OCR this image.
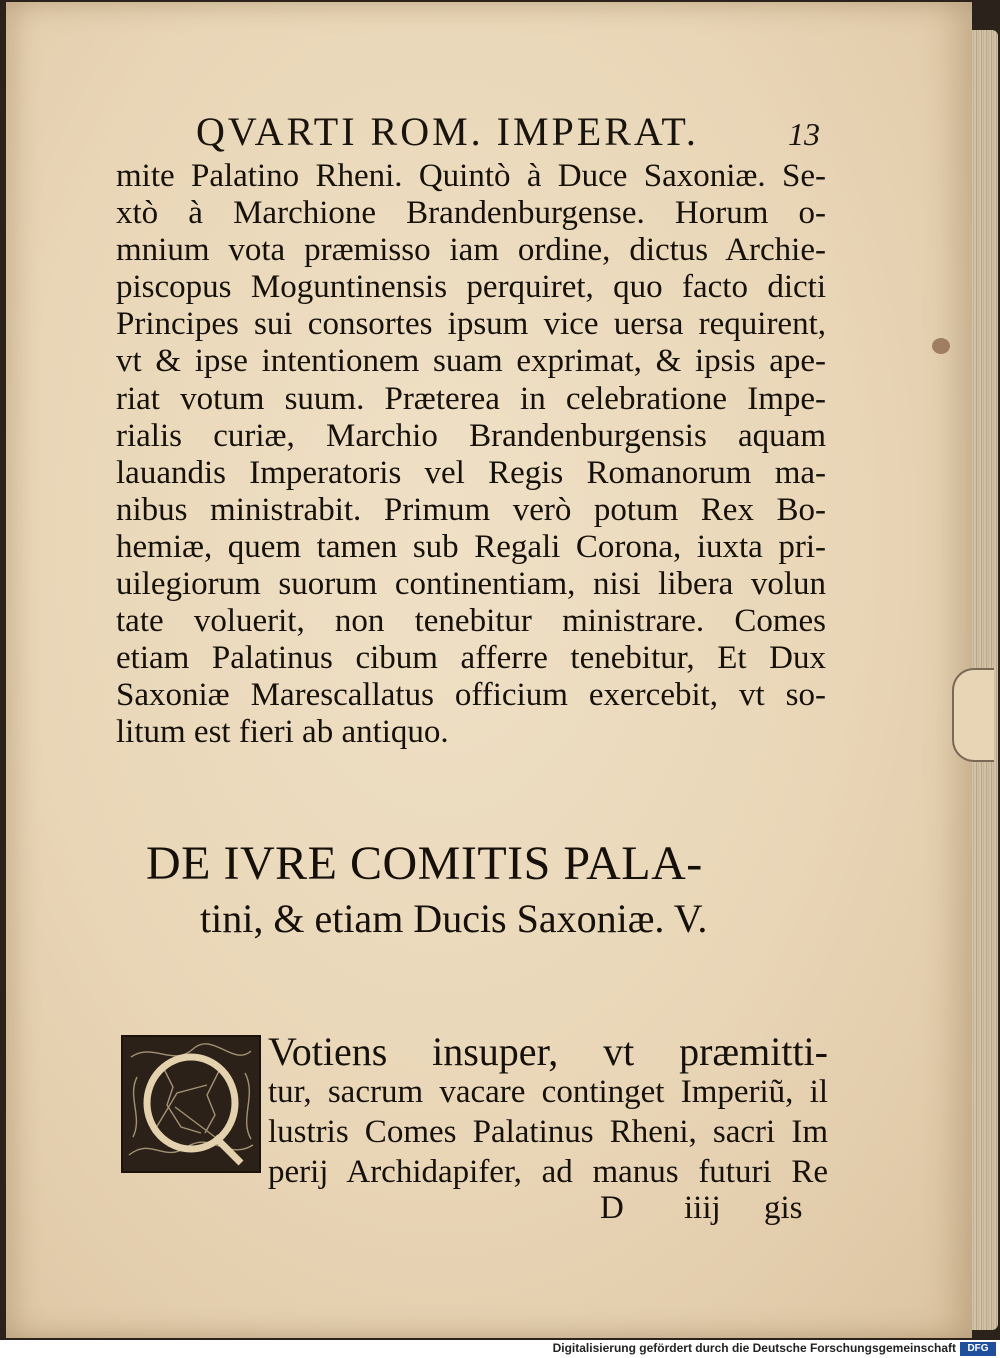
QVARTI ROM. IMPERAT.	13
mite Palatino Rheni. Quintò à Duce Saxoniæ. Se-
xtò à Marchione Brandenburgense. Horum o-
mnium vota præmisso iam ordine, dictus Archie-
piscopus Moguntinensis perquiret, quo facto dicti
Principes sui consortes ipsum vice uersa requirent,
vt & ipse intentionem suam exprimat, & ipsis ape-
riat votum suum. Præterea in celebratione Impe-
rialis curiæ, Marchio Brandenburgensis aquam
lauandis Imperatoris vel Regis Romanorum ma-
nibus ministrabit. Primum verò potum Rex Bo-
hemiæ, quem tamen sub Regali Corona, iuxta pri-
uilegiorum suorum continentiam, nisi libera volun
tate voluerit, non tenebitur ministrare. Comes
etiam Palatinus cibum afferre tenebitur, Et Dux
Saxoniæ Marescallatus officium exercebit, vt so-
litum est fieri ab antiquo.
DE IVRE COMITIS PALA-
tini, & etiam Ducis Saxoniæ. V.
Votiens insuper, vt præmitti-
tur, sacrum vacare continget Imperiũ, il
lustris Comes Palatinus Rheni, sacri Im
perij Archidapifer, ad manus futuri Re
D iiij gis
Digitalisierung gefördert durch die Deutsche Forschungsgemeinschaft	DFG
